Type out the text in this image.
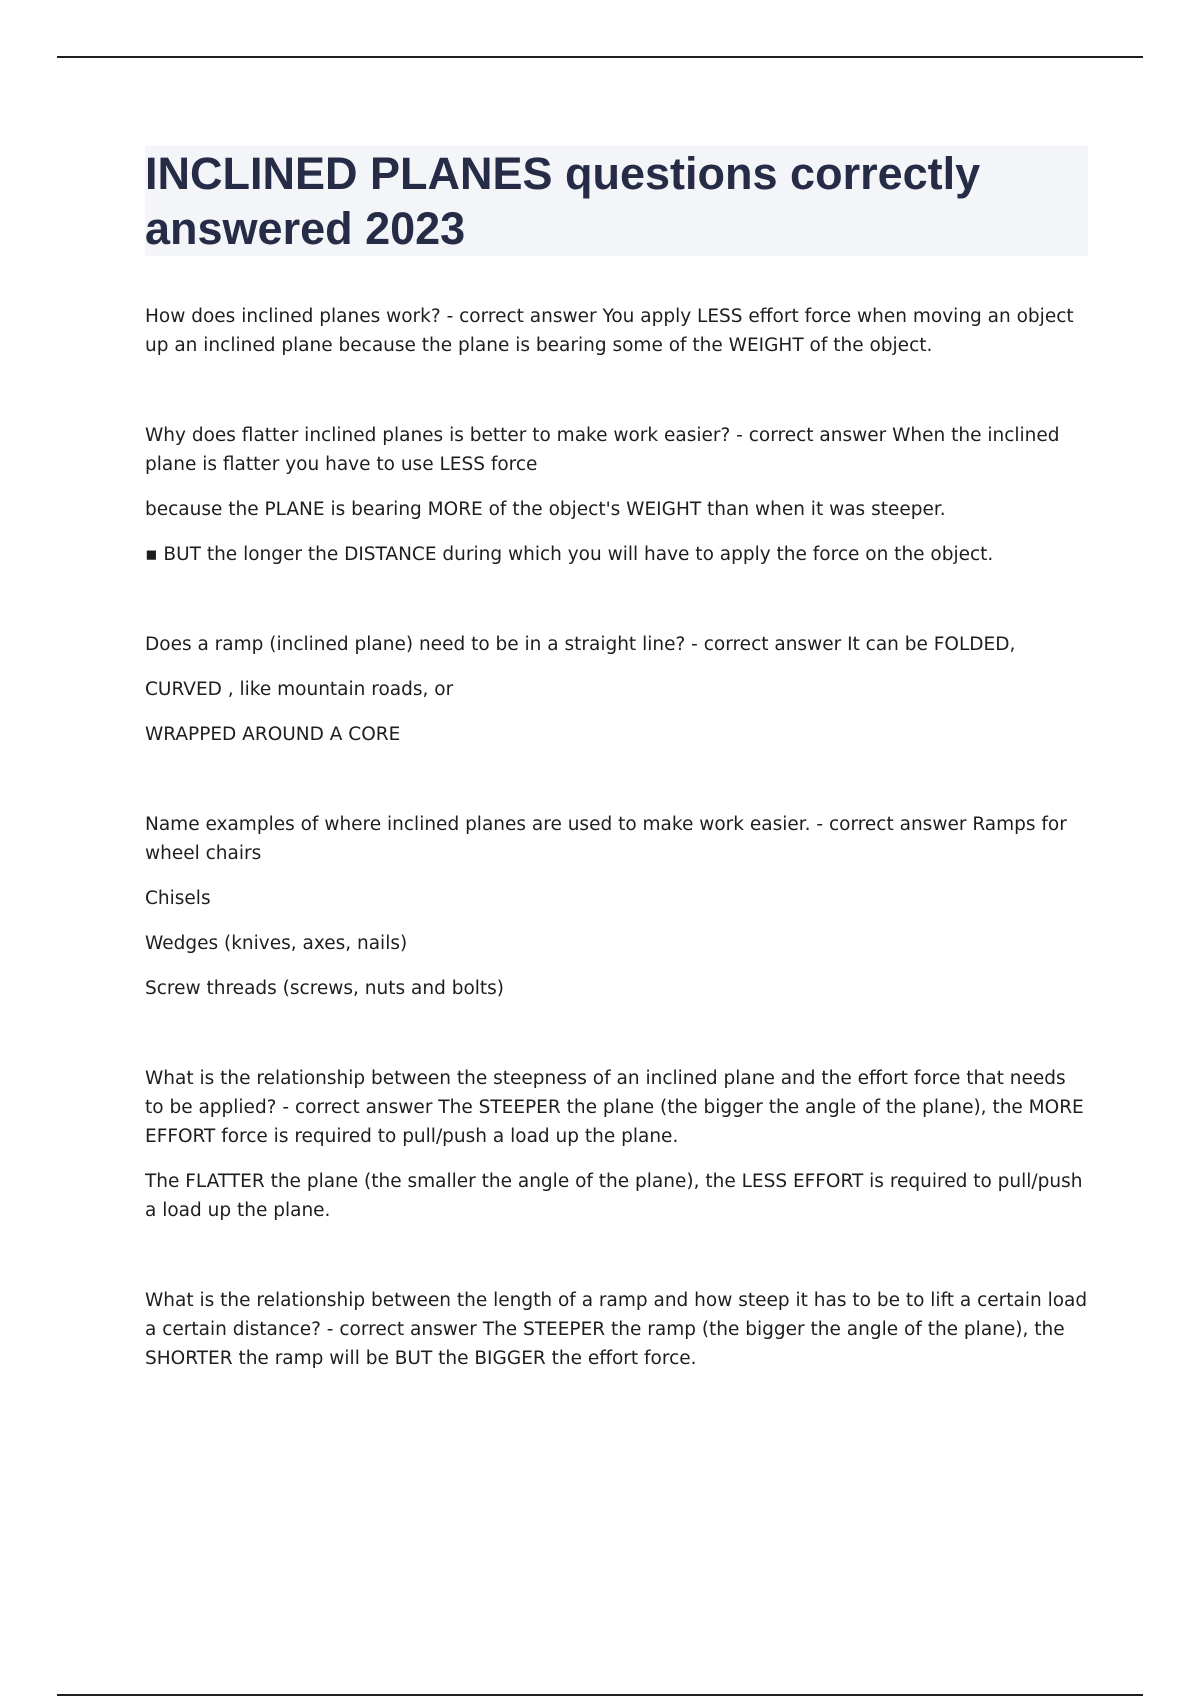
INCLINED PLANES questions correctly answered 2023

How does inclined planes work? - correct answer You apply LESS effort force when moving an object up an inclined plane because the plane is bearing some of the WEIGHT of the object.

Why does flatter inclined planes is better to make work easier? - correct answer When the inclined plane is flatter you have to use LESS force

because the PLANE is bearing MORE of the object's WEIGHT than when it was steeper.

▪ BUT the longer the DISTANCE during which you will have to apply the force on the object.

Does a ramp (inclined plane) need to be in a straight line? - correct answer It can be FOLDED,

CURVED , like mountain roads, or

WRAPPED AROUND A CORE

Name examples of where inclined planes are used to make work easier. - correct answer Ramps for wheel chairs

Chisels

Wedges (knives, axes, nails)

Screw threads (screws, nuts and bolts)

What is the relationship between the steepness of an inclined plane and the effort force that needs to be applied? - correct answer The STEEPER the plane (the bigger the angle of the plane), the MORE EFFORT force is required to pull/push a load up the plane.

The FLATTER the plane (the smaller the angle of the plane), the LESS EFFORT is required to pull/push a load up the plane.

What is the relationship between the length of a ramp and how steep it has to be to lift a certain load a certain distance? - correct answer The STEEPER the ramp (the bigger the angle of the plane), the SHORTER the ramp will be BUT the BIGGER the effort force.
